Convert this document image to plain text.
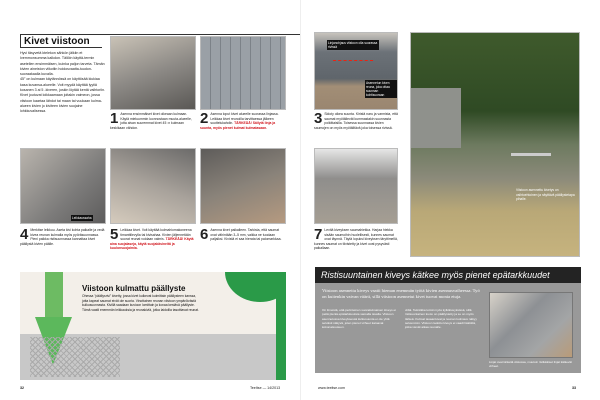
Kivet viistoon

Hyvi täsyvetä ktelekon sähkön jälkiin et Ivemmonsumma kalkdon. Tällöin käyttä-termin asetellen ensimmäisen, kuinka paljon tarveta. Tämän kivien aineiston viikotiin hoidosvaatta-tuudon-suoraakaalla kuvalla.

45° on kulmaan käytännössä on käyttösää kiukiaa kasa kuvansa-alueelle. Voit myydä käyttää lyytiä kosanen 3 ai 5 -kiveren, joskin löytää kentä vaihtoriin.

Kivet joutuvat loikkaamaan joitakin vaimeon, jossa viistoon kaartaa lähdot tai maan tai vuukaan kulma-alueen kivien jo kiviteen kivien suojaine lohkkuvalisessa.

Linjanohjaus viistoon olla suorassa rivissä
Asennetun kiven reuna, joka ottaa suunnan kohtisuoraan
1 Asenna ensimmäiset kivet oikeaan kulmaan. Käytä mieluummin luonnostaan muuta-alueelle, jotta aivan suuremmat kivet 45 :n kulmaan keskikaan vähdon.
2 Asenna loput kivet alueelle suorassa linjassa. Leikkaa kivet reunoilla tarvittaessa jälkeen suuttelukahdin. TÄRKEÄÄ! Säilytä linja ja suunta, myös pienet kulmat kulmatasaan.
3 Sidoty oikea suunta. Kiristä naru ja varmista, että saumat myötäilevät kummastakin suunnasta poikittaisilla. Toisessa suunnassa kivien saumojen on myös myötäiltävä joka toisessa rivissä.
Leikkaussaha
4 Merkitse leikkuu. Aseta kivi kohta paikalle ja vedä kivea reunan kulmalla myös pyöräsuunnassa. Pieni paikka ristisuunnassa kannattaa kivet päällystä kivien päälle.
5 Leikkaa kivet. Voit käyttää kulmahiomakoneena timanttilevylla tai kivisahaa. Kivien jäljennetään suorat reunat voidaan valmis. TÄRKEÄÄ! Käytä aina suojalaseja, käytä suojakäsineitä ja kuulonsuojaimia.
6 Asenna kivet paikalleen. Tarkista, että saumat ovat vähintään 3–5 mm, vaikka ne tuodaan paljaiksi. Kivistä ei saa hierata tai palomarkkaa.	7 Levitä kiveyksen saumahiekka. Harjaa hiekka sisään saumoihin huolellisesti, kunnes saumat ovat täynnä. Täytä lopuksi kiveyksen täryttimellä, kunnes saumat on tiivistetty ja kivet ovat pysyvästi paikallaan.
Viistoon kulmattu päällyste
Ohessa "päällysrivi" kivetty, jossa kivet kulkevat kulmittain päällysteen kanssa, jotta kapeat saumat eivät ole suoria. Vinottainen reunan viistoon ympäröivästä kulkusuunnasta. Kivillä saadaan kuvioon lomittain ja kovaa kestävä päällyste. Tämä vaatii enemmän leikkauksia ja reunakiviä, jotka laidoilla tasoittavat reunat.
32	TeeItse — 14/2013
Viistoon asennettu kivetys on vaihtoehtoinen ja näyttävä päällystetapa pihalle.
Ristisuuntainen kiveys kätkee myös pienet epätarkkuudet
Viistoon asennettu kiveys vaatii hieman enemmän työtä kivien asennusvaiheessa. Työ on kuitenkin vaivan väärti, sillä viistoon asennetut kivet tuovat monia etuja.
On ilmeistä, että perinteinen suorakulmainen kiveys ei peitä pieniä epätarkkuuksia samalla tavalla. Viistoon asennetussa kiveyksessä kulkusuunta ei ole yhtä selvästi näkyvä, joten pienet virheet katoavat kokonaisuuteen.
viiltä. Tekniikka toimii myös kylkikiveyksissä, sillä ristisuuntainen kuvio on päällystetty ja se on myös tärkeä. Kulmat tasaantuvat ja reunan kulmaus näkyy selvemmin. Viistoon ladottu kiveys ei vaadi lisätöitä, jotka vievät aikaa reunalle.
Linjat ovat tärkeitä viistossa, muutoin ristikkäiset linjat kätkevät virheet.
www.teeitse.com	33
